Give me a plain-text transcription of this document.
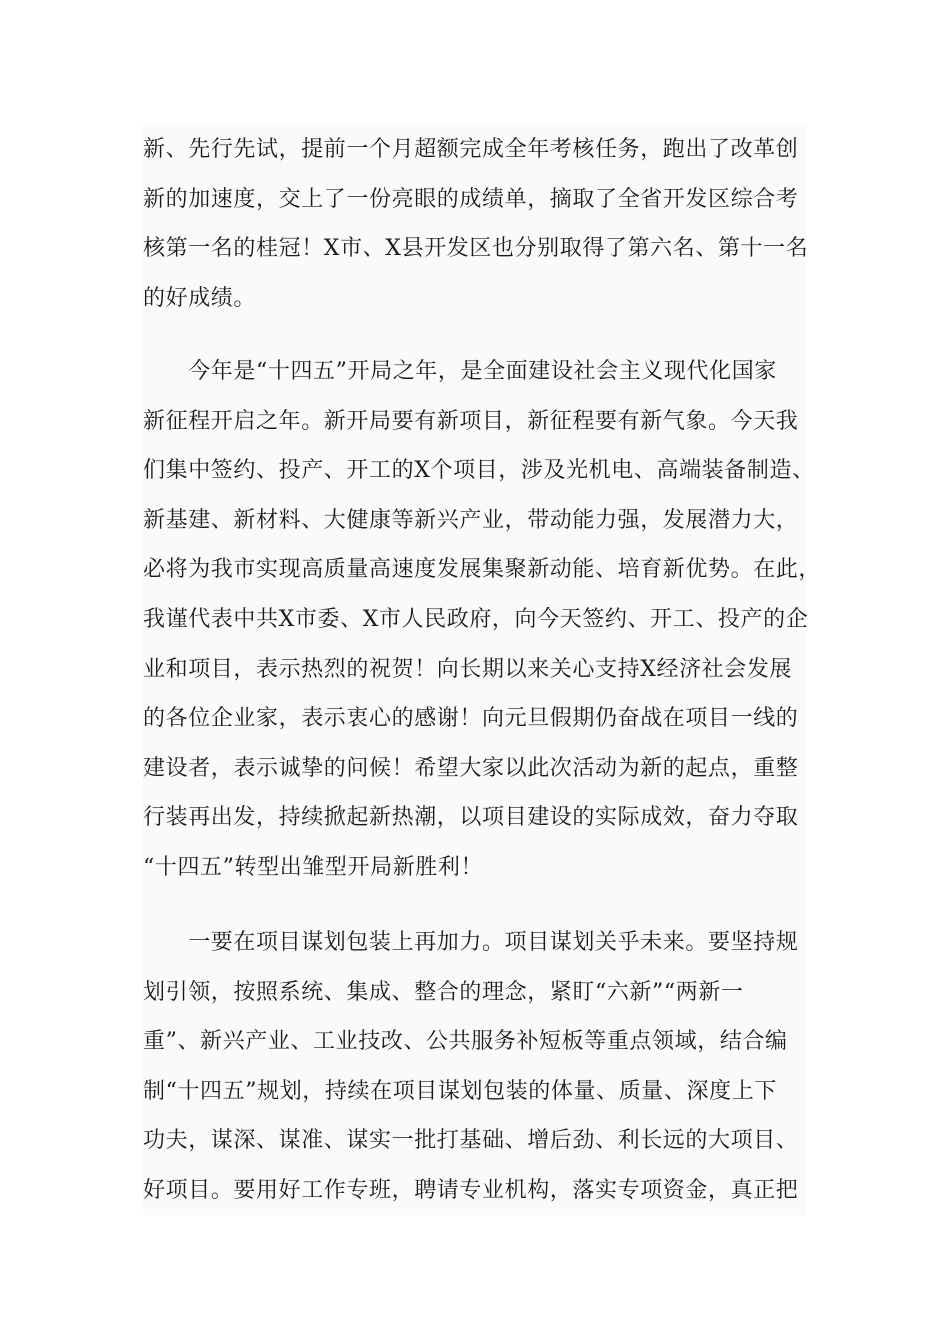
新、先行先试，提前一个月超额完成全年考核任务，跑出了改革创
新的加速度，交上了一份亮眼的成绩单，摘取了全省开发区综合考
核第一名的桂冠！X市、X县开发区也分别取得了第六名、第十一名
的好成绩。
　　今年是“十四五”开局之年，是全面建设社会主义现代化国家
新征程开启之年。新开局要有新项目，新征程要有新气象。今天我
们集中签约、投产、开工的X个项目，涉及光机电、高端装备制造、
新基建、新材料、大健康等新兴产业，带动能力强，发展潜力大，
必将为我市实现高质量高速度发展集聚新动能、培育新优势。在此，
我谨代表中共X市委、X市人民政府，向今天签约、开工、投产的企
业和项目，表示热烈的祝贺！向长期以来关心支持X经济社会发展
的各位企业家，表示衷心的感谢！向元旦假期仍奋战在项目一线的
建设者，表示诚挚的问候！希望大家以此次活动为新的起点，重整
行装再出发，持续掀起新热潮，以项目建设的实际成效，奋力夺取
“十四五”转型出雏型开局新胜利！
　　一要在项目谋划包装上再加力。项目谋划关乎未来。要坚持规
划引领，按照系统、集成、整合的理念，紧盯“六新”“两新一
重”、新兴产业、工业技改、公共服务补短板等重点领域，结合编
制“十四五”规划，持续在项目谋划包装的体量、质量、深度上下
功夫，谋深、谋准、谋实一批打基础、增后劲、利长远的大项目、
好项目。要用好工作专班，聘请专业机构，落实专项资金，真正把
